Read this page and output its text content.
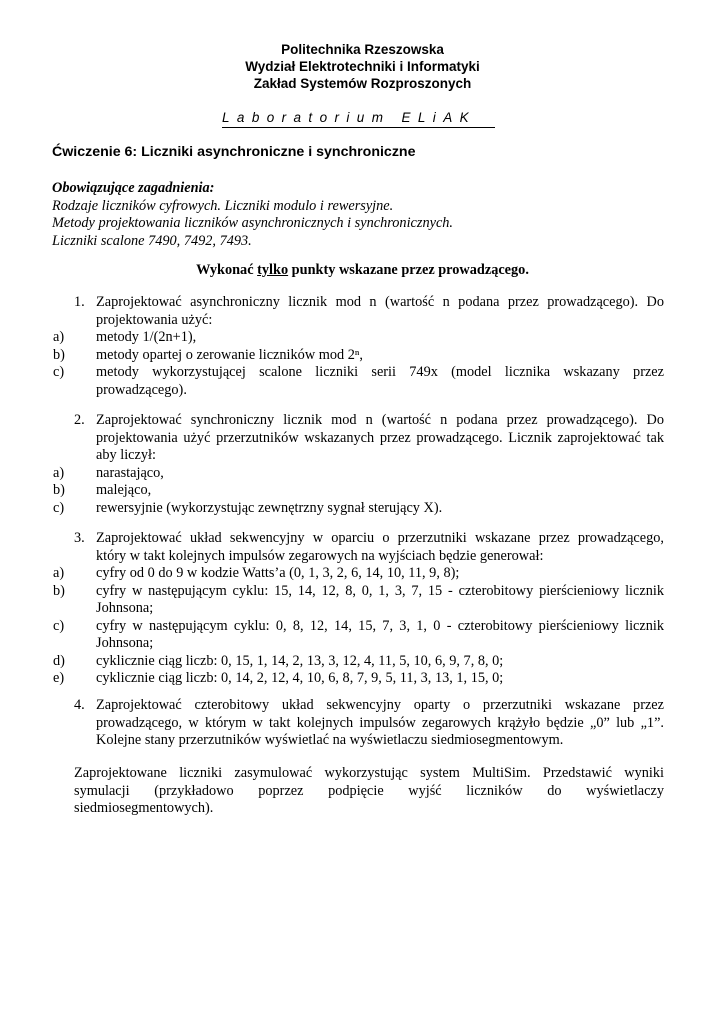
Politechnika Rzeszowska
Wydział Elektrotechniki i Informatyki
Zakład Systemów Rozproszonych
Laboratorium ELiAK
Ćwiczenie 6: Liczniki asynchroniczne i synchroniczne
Obowiązujące zagadnienia:
Rodzaje liczników cyfrowych. Liczniki modulo i rewersyjne.
Metody projektowania liczników asynchronicznych i synchronicznych.
Liczniki scalone 7490, 7492, 7493.
Wykonać tylko punkty wskazane przez prowadzącego.
1. Zaprojektować asynchroniczny licznik mod n (wartość n podana przez prowadzącego). Do
projektowania użyć:
a) metody 1/(2n+1),
b) metody opartej o zerowanie liczników mod 2ⁿ,
c) metody wykorzystującej scalone liczniki serii 749x (model licznika wskazany przez
prowadzącego).
2. Zaprojektować synchroniczny licznik mod n (wartość n podana przez prowadzącego). Do
projektowania użyć przerzutników wskazanych przez prowadzącego. Licznik zaprojektować tak
aby liczył:
a) narastająco,
b) malejąco,
c) rewersyjnie (wykorzystując zewnętrzny sygnał sterujący X).
3. Zaprojektować układ sekwencyjny w oparciu o przerzutniki wskazane przez prowadzącego,
który w takt kolejnych impulsów zegarowych na wyjściach będzie generował:
a) cyfry od 0 do 9 w kodzie Watts’a (0, 1, 3, 2, 6, 14, 10, 11, 9, 8);
b) cyfry w następującym cyklu: 15, 14, 12, 8, 0, 1, 3, 7, 15 - czterobitowy pierścieniowy licznik
Johnsona;
c) cyfry w następującym cyklu: 0, 8, 12, 14, 15, 7, 3, 1, 0 - czterobitowy pierścieniowy licznik
Johnsona;
d) cyklicznie ciąg liczb: 0, 15, 1, 14, 2, 13, 3, 12, 4, 11, 5, 10, 6, 9, 7, 8, 0;
e) cyklicznie ciąg liczb: 0, 14, 2, 12, 4, 10, 6, 8, 7, 9, 5, 11, 3, 13, 1, 15, 0;
4. Zaprojektować czterobitowy układ sekwencyjny oparty o przerzutniki wskazane przez
prowadzącego, w którym w takt kolejnych impulsów zegarowych krążyło będzie „0” lub „1”.
Kolejne stany przerzutników wyświetlać na wyświetlaczu siedmiosegmentowym.
Zaprojektowane liczniki zasymulować wykorzystując system MultiSim. Przedstawić wyniki
symulacji (przykładowo poprzez podpięcie wyjść liczników do wyświetlaczy
siedmiosegmentowych).
